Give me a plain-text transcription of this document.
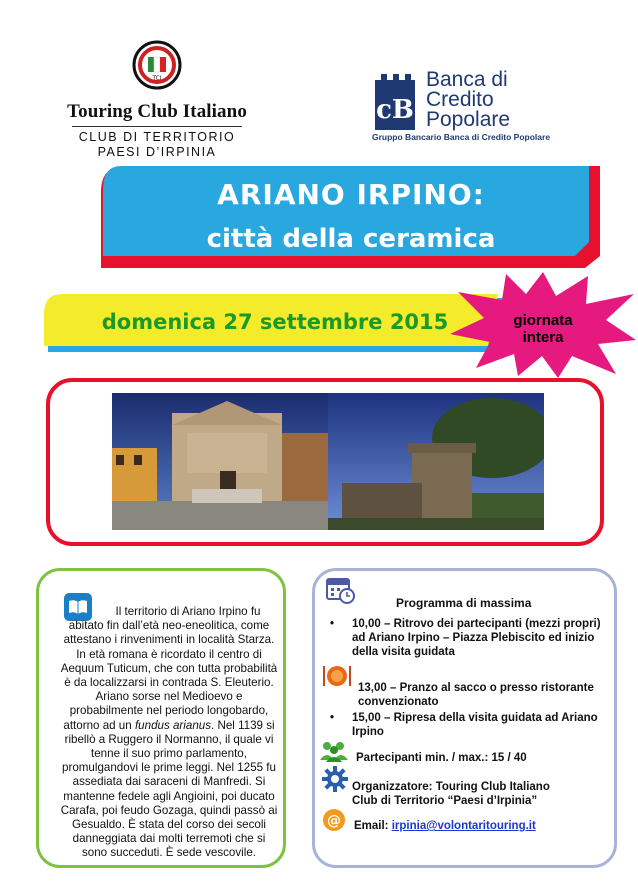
TCI
Touring Club Italiano
CLUB DI TERRITORIO
PAESI D’IRPINIA
cB
Banca di
Credito
Popolare
Gruppo Bancario Banca di Credito Popolare
ARIANO IRPINO:
città della ceramica
domenica 27 settembre 2015	giornata
intera
Il territorio di Ariano Irpino fu abitato fin dall’età neo-eneolitica, come attestano i rinvenimenti in località Starza. In età romana è ricordato il centro di Aequum Tuticum, che con tutta probabilità è da localizzarsi in contrada S. Eleuterio. Ariano sorse nel Medioevo e probabilmente nel periodo longobardo, attorno ad un fundus arianus. Nel 1139 si ribellò a Ruggero il Normanno, il quale vi tenne il suo primo parlamento, promulgandovi le prime leggi. Nel 1255 fu assediata dai saraceni di Manfredi. Si mantenne fedele agli Angioini, poi ducato Carafa, poi feudo Gozaga, quindi passò ai Gesualdo. È stata del corso dei secoli danneggiata dai molti terremoti che si sono succeduti. È sede vescovile.
Programma di massima
•	10,00 – Ritrovo dei partecipanti (mezzi propri) ad Ariano Irpino – Piazza Plebiscito ed inizio della visita guidata
13,00 – Pranzo al sacco o presso ristorante convenzionato
•	15,00 – Ripresa della visita guidata ad Ariano Irpino
Partecipanti min. / max.: 15 / 40
Organizzatore: Touring Club Italiano
Club di Territorio “Paesi d’Irpinia”
@ Email: irpinia@volontaritouring.it
